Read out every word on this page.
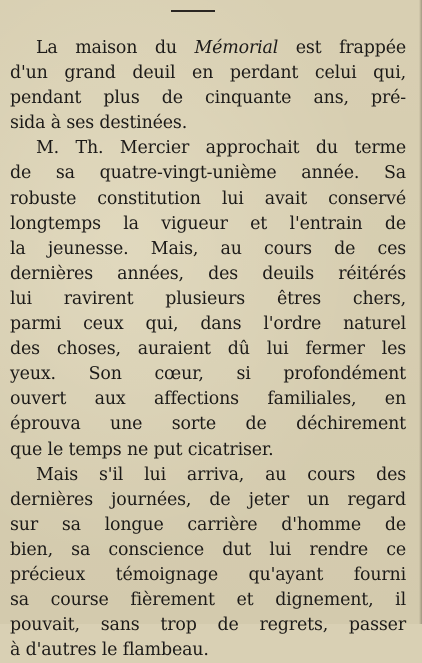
La maison du Mémorial est frappée
d'un grand deuil en perdant celui qui,
pendant plus de cinquante ans, pré-
sida à ses destinées.
M. Th. Mercier approchait du terme
de sa quatre-vingt-unième année. Sa
robuste constitution lui avait conservé
longtemps la vigueur et l'entrain de
la jeunesse. Mais, au cours de ces
dernières années, des deuils réitérés
lui ravirent plusieurs êtres chers,
parmi ceux qui, dans l'ordre naturel
des choses, auraient dû lui fermer les
yeux. Son cœur, si profondément
ouvert aux affections familiales, en
éprouva une sorte de déchirement
que le temps ne put cicatriser.
Mais s'il lui arriva, au cours des
dernières journées, de jeter un regard
sur sa longue carrière d'homme de
bien, sa conscience dut lui rendre ce
précieux témoignage qu'ayant fourni
sa course fièrement et dignement, il
pouvait, sans trop de regrets, passer
à d'autres le flambeau.
